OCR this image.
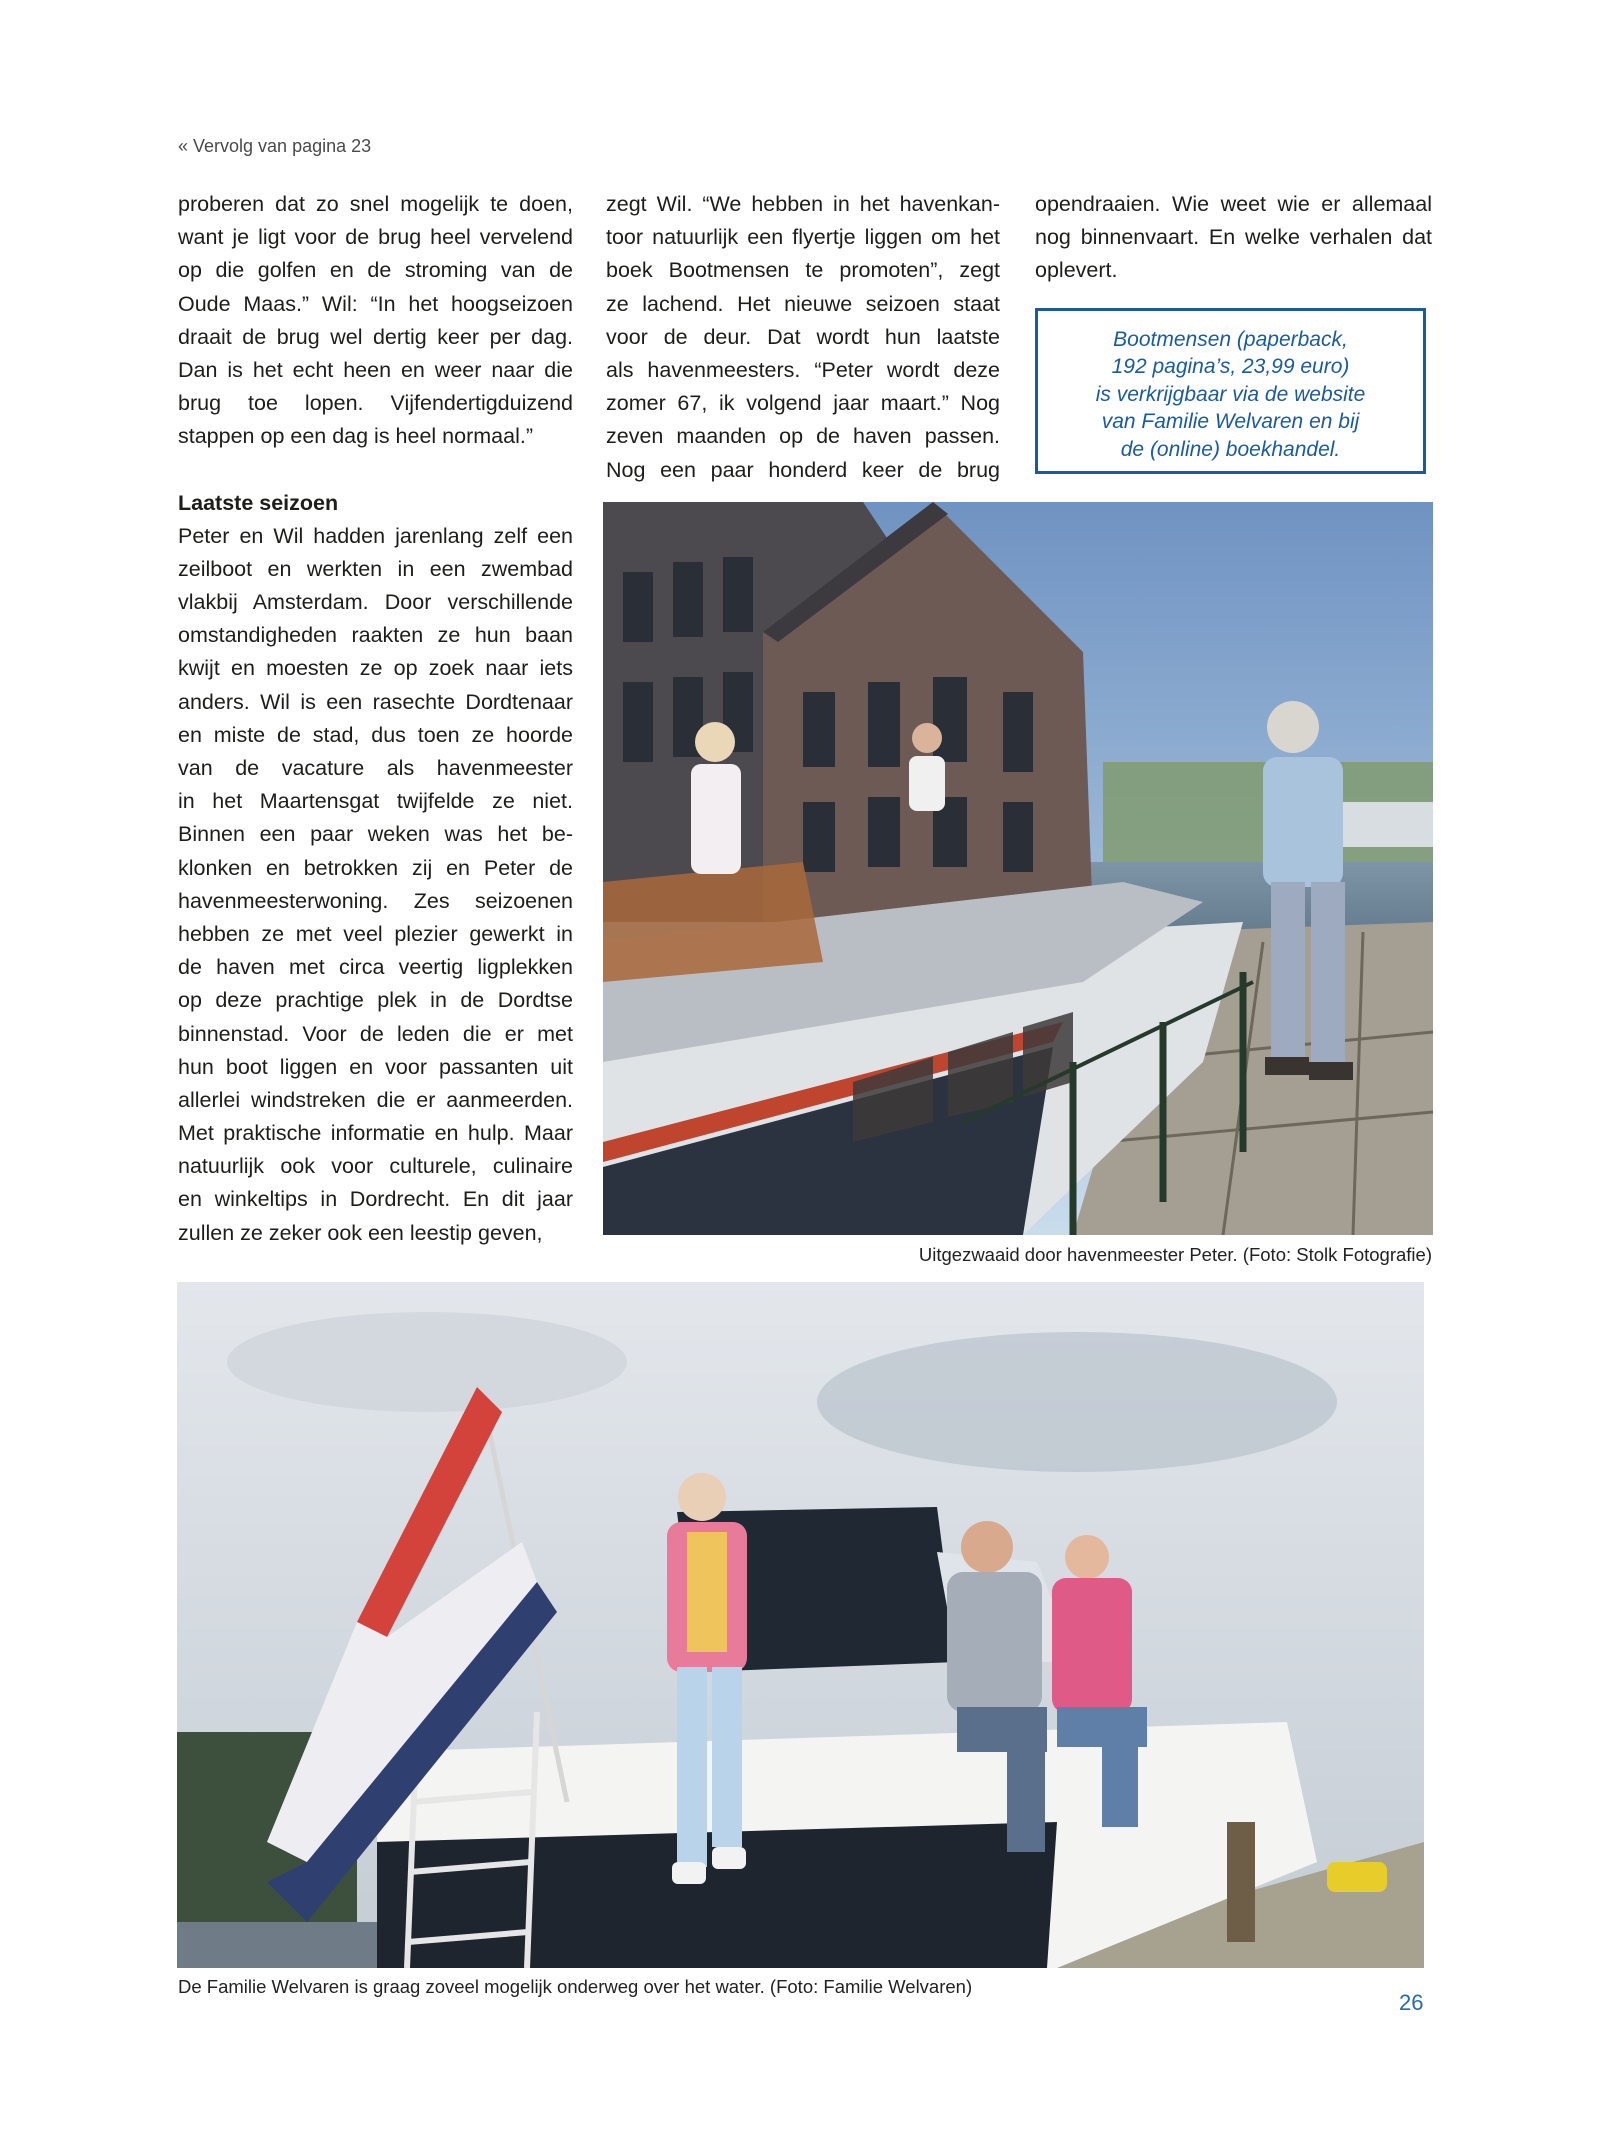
« Vervolg van pagina 23
proberen dat zo snel mogelijk te doen,
want je ligt voor de brug heel vervelend
op die golfen en de stroming van de
Oude Maas.” Wil: “In het hoogseizoen
draait de brug wel dertig keer per dag.
Dan is het echt heen en weer naar die
brug toe lopen. Vijfendertigduizend
stappen op een dag is heel normaal.”
Laatste seizoen
Peter en Wil hadden jarenlang zelf een
zeilboot en werkten in een zwembad
vlakbij Amsterdam. Door verschillende
omstandigheden raakten ze hun baan
kwijt en moesten ze op zoek naar iets
anders. Wil is een rasechte Dordtenaar
en miste de stad, dus toen ze hoorde
van de vacature als havenmeester
in het Maartensgat twijfelde ze niet.
Binnen een paar weken was het be-
klonken en betrokken zij en Peter de
havenmeesterwoning. Zes seizoenen
hebben ze met veel plezier gewerkt in
de haven met circa veertig ligplekken
op deze prachtige plek in de Dordtse
binnenstad. Voor de leden die er met
hun boot liggen en voor passanten uit
allerlei windstreken die er aanmeerden.
Met praktische informatie en hulp. Maar
natuurlijk ook voor culturele, culinaire
en winkeltips in Dordrecht. En dit jaar
zullen ze zeker ook een leestip geven,
zegt Wil. “We hebben in het havenkan-
toor natuurlijk een flyertje liggen om het
boek Bootmensen te promoten”, zegt
ze lachend. Het nieuwe seizoen staat
voor de deur. Dat wordt hun laatste
als havenmeesters. “Peter wordt deze
zomer 67, ik volgend jaar maart.” Nog
zeven maanden op de haven passen.
Nog een paar honderd keer de brug
opendraaien. Wie weet wie er allemaal
nog binnenvaart. En welke verhalen dat
oplevert.
Bootmensen (paperback,
192 pagina’s, 23,99 euro)
is verkrijgbaar via de website
van Familie Welvaren en bij
de (online) boekhandel.
Uitgezwaaid door havenmeester Peter. (Foto: Stolk Fotografie)
De Familie Welvaren is graag zoveel mogelijk onderweg over het water. (Foto: Familie Welvaren)
26
